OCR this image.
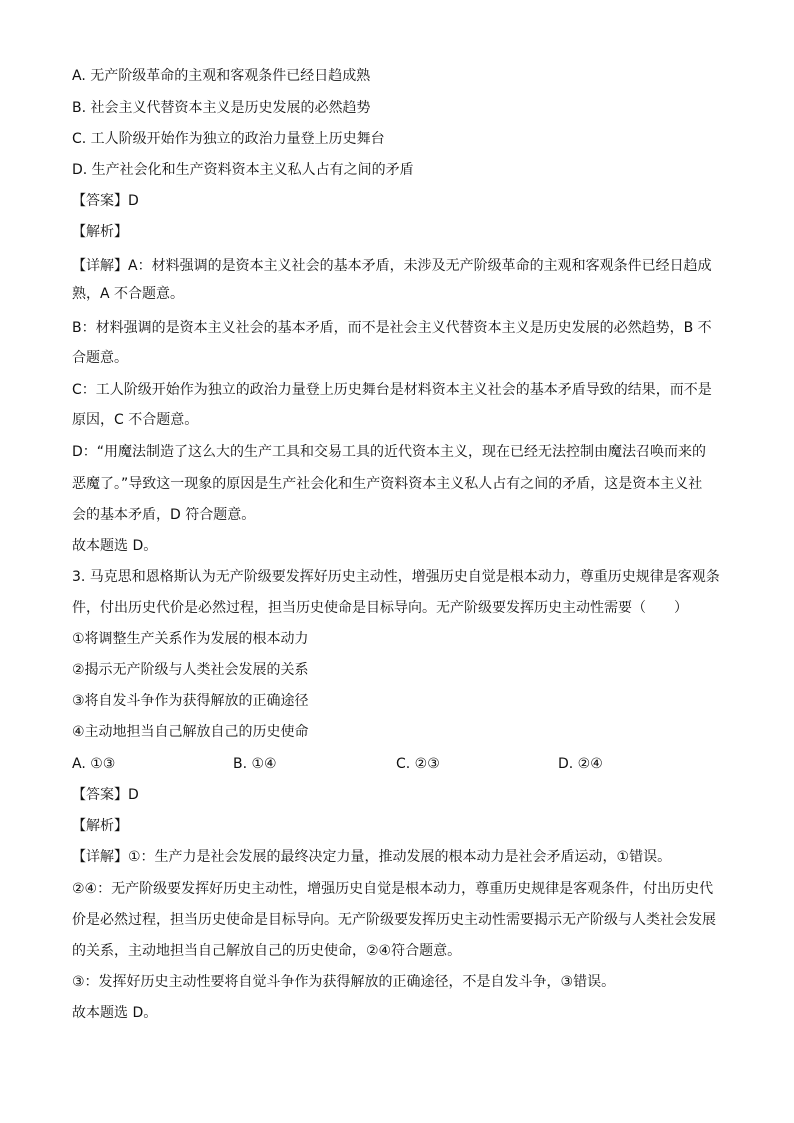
A. 无产阶级革命的主观和客观条件已经日趋成熟
B. 社会主义代替资本主义是历史发展的必然趋势
C. 工人阶级开始作为独立的政治力量登上历史舞台
D. 生产社会化和生产资料资本主义私人占有之间的矛盾
【答案】D
【解析】
【详解】A：材料强调的是资本主义社会的基本矛盾，未涉及无产阶级革命的主观和客观条件已经日趋成
熟，A 不合题意。
B：材料强调的是资本主义社会的基本矛盾，而不是社会主义代替资本主义是历史发展的必然趋势，B 不
合题意。
C：工人阶级开始作为独立的政治力量登上历史舞台是材料资本主义社会的基本矛盾导致的结果，而不是
原因，C 不合题意。
D：“用魔法制造了这么大的生产工具和交易工具的近代资本主义，现在已经无法控制由魔法召唤而来的
恶魔了。”导致这一现象的原因是生产社会化和生产资料资本主义私人占有之间的矛盾，这是资本主义社
会的基本矛盾，D 符合题意。
故本题选 D。
3. 马克思和恩格斯认为无产阶级要发挥好历史主动性，增强历史自觉是根本动力，尊重历史规律是客观条
件，付出历史代价是必然过程，担当历史使命是目标导向。无产阶级要发挥历史主动性需要（　　）
①将调整生产关系作为发展的根本动力
②揭示无产阶级与人类社会发展的关系
③将自发斗争作为获得解放的正确途径
④主动地担当自己解放自己的历史使命
A. ①③	B. ①④	C. ②③	D. ②④
【答案】D
【解析】
【详解】①：生产力是社会发展的最终决定力量，推动发展的根本动力是社会矛盾运动，①错误。
②④：无产阶级要发挥好历史主动性，增强历史自觉是根本动力，尊重历史规律是客观条件，付出历史代
价是必然过程，担当历史使命是目标导向。无产阶级要发挥历史主动性需要揭示无产阶级与人类社会发展
的关系，主动地担当自己解放自己的历史使命，②④符合题意。
③：发挥好历史主动性要将自觉斗争作为获得解放的正确途径，不是自发斗争，③错误。
故本题选 D。
